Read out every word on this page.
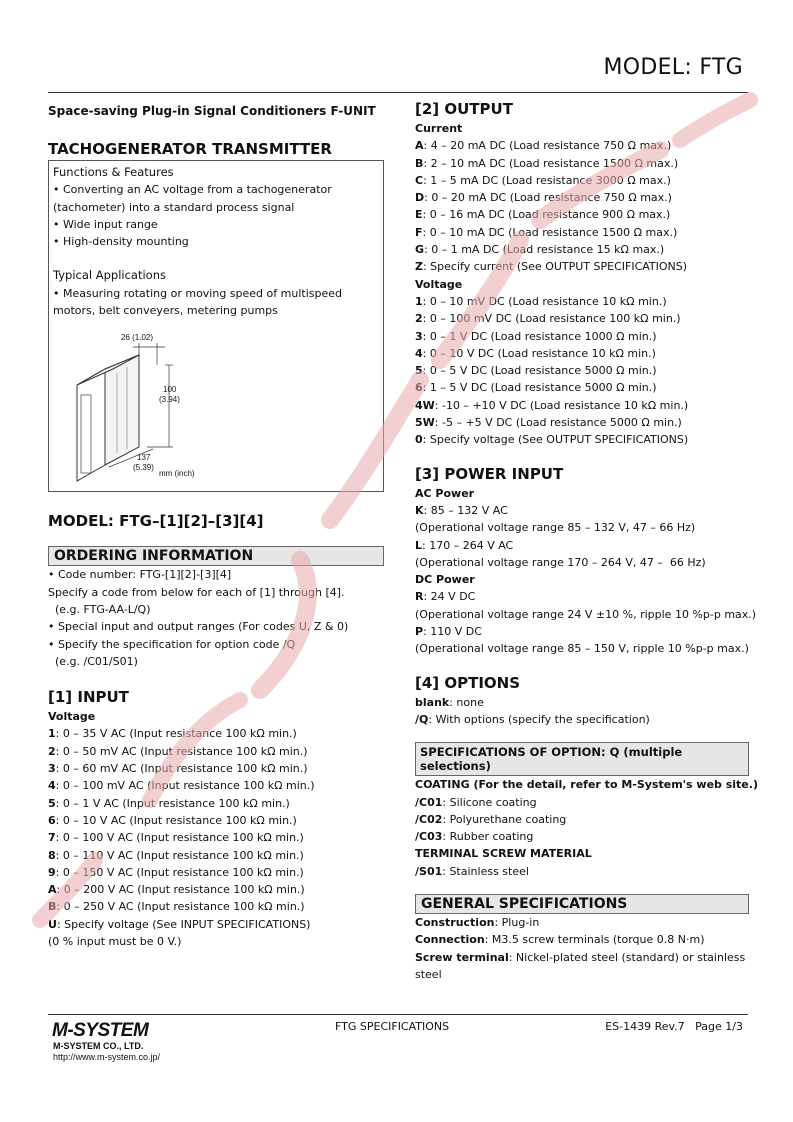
MODEL: FTG
Space-saving Plug-in Signal Conditioners F-UNIT
TACHOGENERATOR TRANSMITTER
Functions & Features
• Converting an AC voltage from a tachogenerator
(tachometer) into a standard process signal
• Wide input range
• High-density mounting
Typical Applications
• Measuring rotating or moving speed of multispeed
motors, belt conveyers, metering pumps
26 (1.02)
100
(3.94)
137
(5.39)
mm (inch)
MODEL: FTG–[1][2]–[3][4]
ORDERING INFORMATION
• Code number: FTG-[1][2]-[3][4]
Specify a code from below for each of [1] through [4].
(e.g. FTG-AA-L/Q)
• Special input and output ranges (For codes U, Z & 0)
• Specify the specification for option code /Q
(e.g. /C01/S01)
[1] INPUT
Voltage
1: 0 – 35 V AC (Input resistance 100 kΩ min.)
2: 0 – 50 mV AC (Input resistance 100 kΩ min.)
3: 0 – 60 mV AC (Input resistance 100 kΩ min.)
4: 0 – 100 mV AC (Input resistance 100 kΩ min.)
5: 0 – 1 V AC (Input resistance 100 kΩ min.)
6: 0 – 10 V AC (Input resistance 100 kΩ min.)
7: 0 – 100 V AC (Input resistance 100 kΩ min.)
8: 0 – 110 V AC (Input resistance 100 kΩ min.)
9: 0 – 150 V AC (Input resistance 100 kΩ min.)
A: 0 – 200 V AC (Input resistance 100 kΩ min.)
B: 0 – 250 V AC (Input resistance 100 kΩ min.)
U: Specify voltage (See INPUT SPECIFICATIONS)
(0 % input must be 0 V.)
[2] OUTPUT
Current
A: 4 – 20 mA DC (Load resistance 750 Ω max.)
B: 2 – 10 mA DC (Load resistance 1500 Ω max.)
C: 1 – 5 mA DC (Load resistance 3000 Ω max.)
D: 0 – 20 mA DC (Load resistance 750 Ω max.)
E: 0 – 16 mA DC (Load resistance 900 Ω max.)
F: 0 – 10 mA DC (Load resistance 1500 Ω max.)
G: 0 – 1 mA DC (Load resistance 15 kΩ max.)
Z: Specify current (See OUTPUT SPECIFICATIONS)
Voltage
1: 0 – 10 mV DC (Load resistance 10 kΩ min.)
2: 0 – 100 mV DC (Load resistance 100 kΩ min.)
3: 0 – 1 V DC (Load resistance 1000 Ω min.)
4: 0 – 10 V DC (Load resistance 10 kΩ min.)
5: 0 – 5 V DC (Load resistance 5000 Ω min.)
6: 1 – 5 V DC (Load resistance 5000 Ω min.)
4W: -10 – +10 V DC (Load resistance 10 kΩ min.)
5W: -5 – +5 V DC (Load resistance 5000 Ω min.)
0: Specify voltage (See OUTPUT SPECIFICATIONS)
[3] POWER INPUT
AC Power
K: 85 – 132 V AC
(Operational voltage range 85 – 132 V, 47 – 66 Hz)
L: 170 – 264 V AC
(Operational voltage range 170 – 264 V, 47 –  66 Hz)
DC Power
R: 24 V DC
(Operational voltage range 24 V ±10 %, ripple 10 %p-p max.)
P: 110 V DC
(Operational voltage range 85 – 150 V, ripple 10 %p-p max.)
[4] OPTIONS
blank: none
/Q: With options (specify the specification)
SPECIFICATIONS OF OPTION: Q (multiple selections)
COATING (For the detail, refer to M-System's web site.)
/C01: Silicone coating
/C02: Polyurethane coating
/C03: Rubber coating
TERMINAL SCREW MATERIAL
/S01: Stainless steel
GENERAL SPECIFICATIONS
Construction: Plug-in
Connection: M3.5 screw terminals (torque 0.8 N·m)
Screw terminal: Nickel-plated steel (standard) or stainless
steel
M-SYSTEM
M-SYSTEM CO., LTD.
http://www.m-system.co.jp/
FTG SPECIFICATIONS	ES-1439 Rev.7   Page 1/3
